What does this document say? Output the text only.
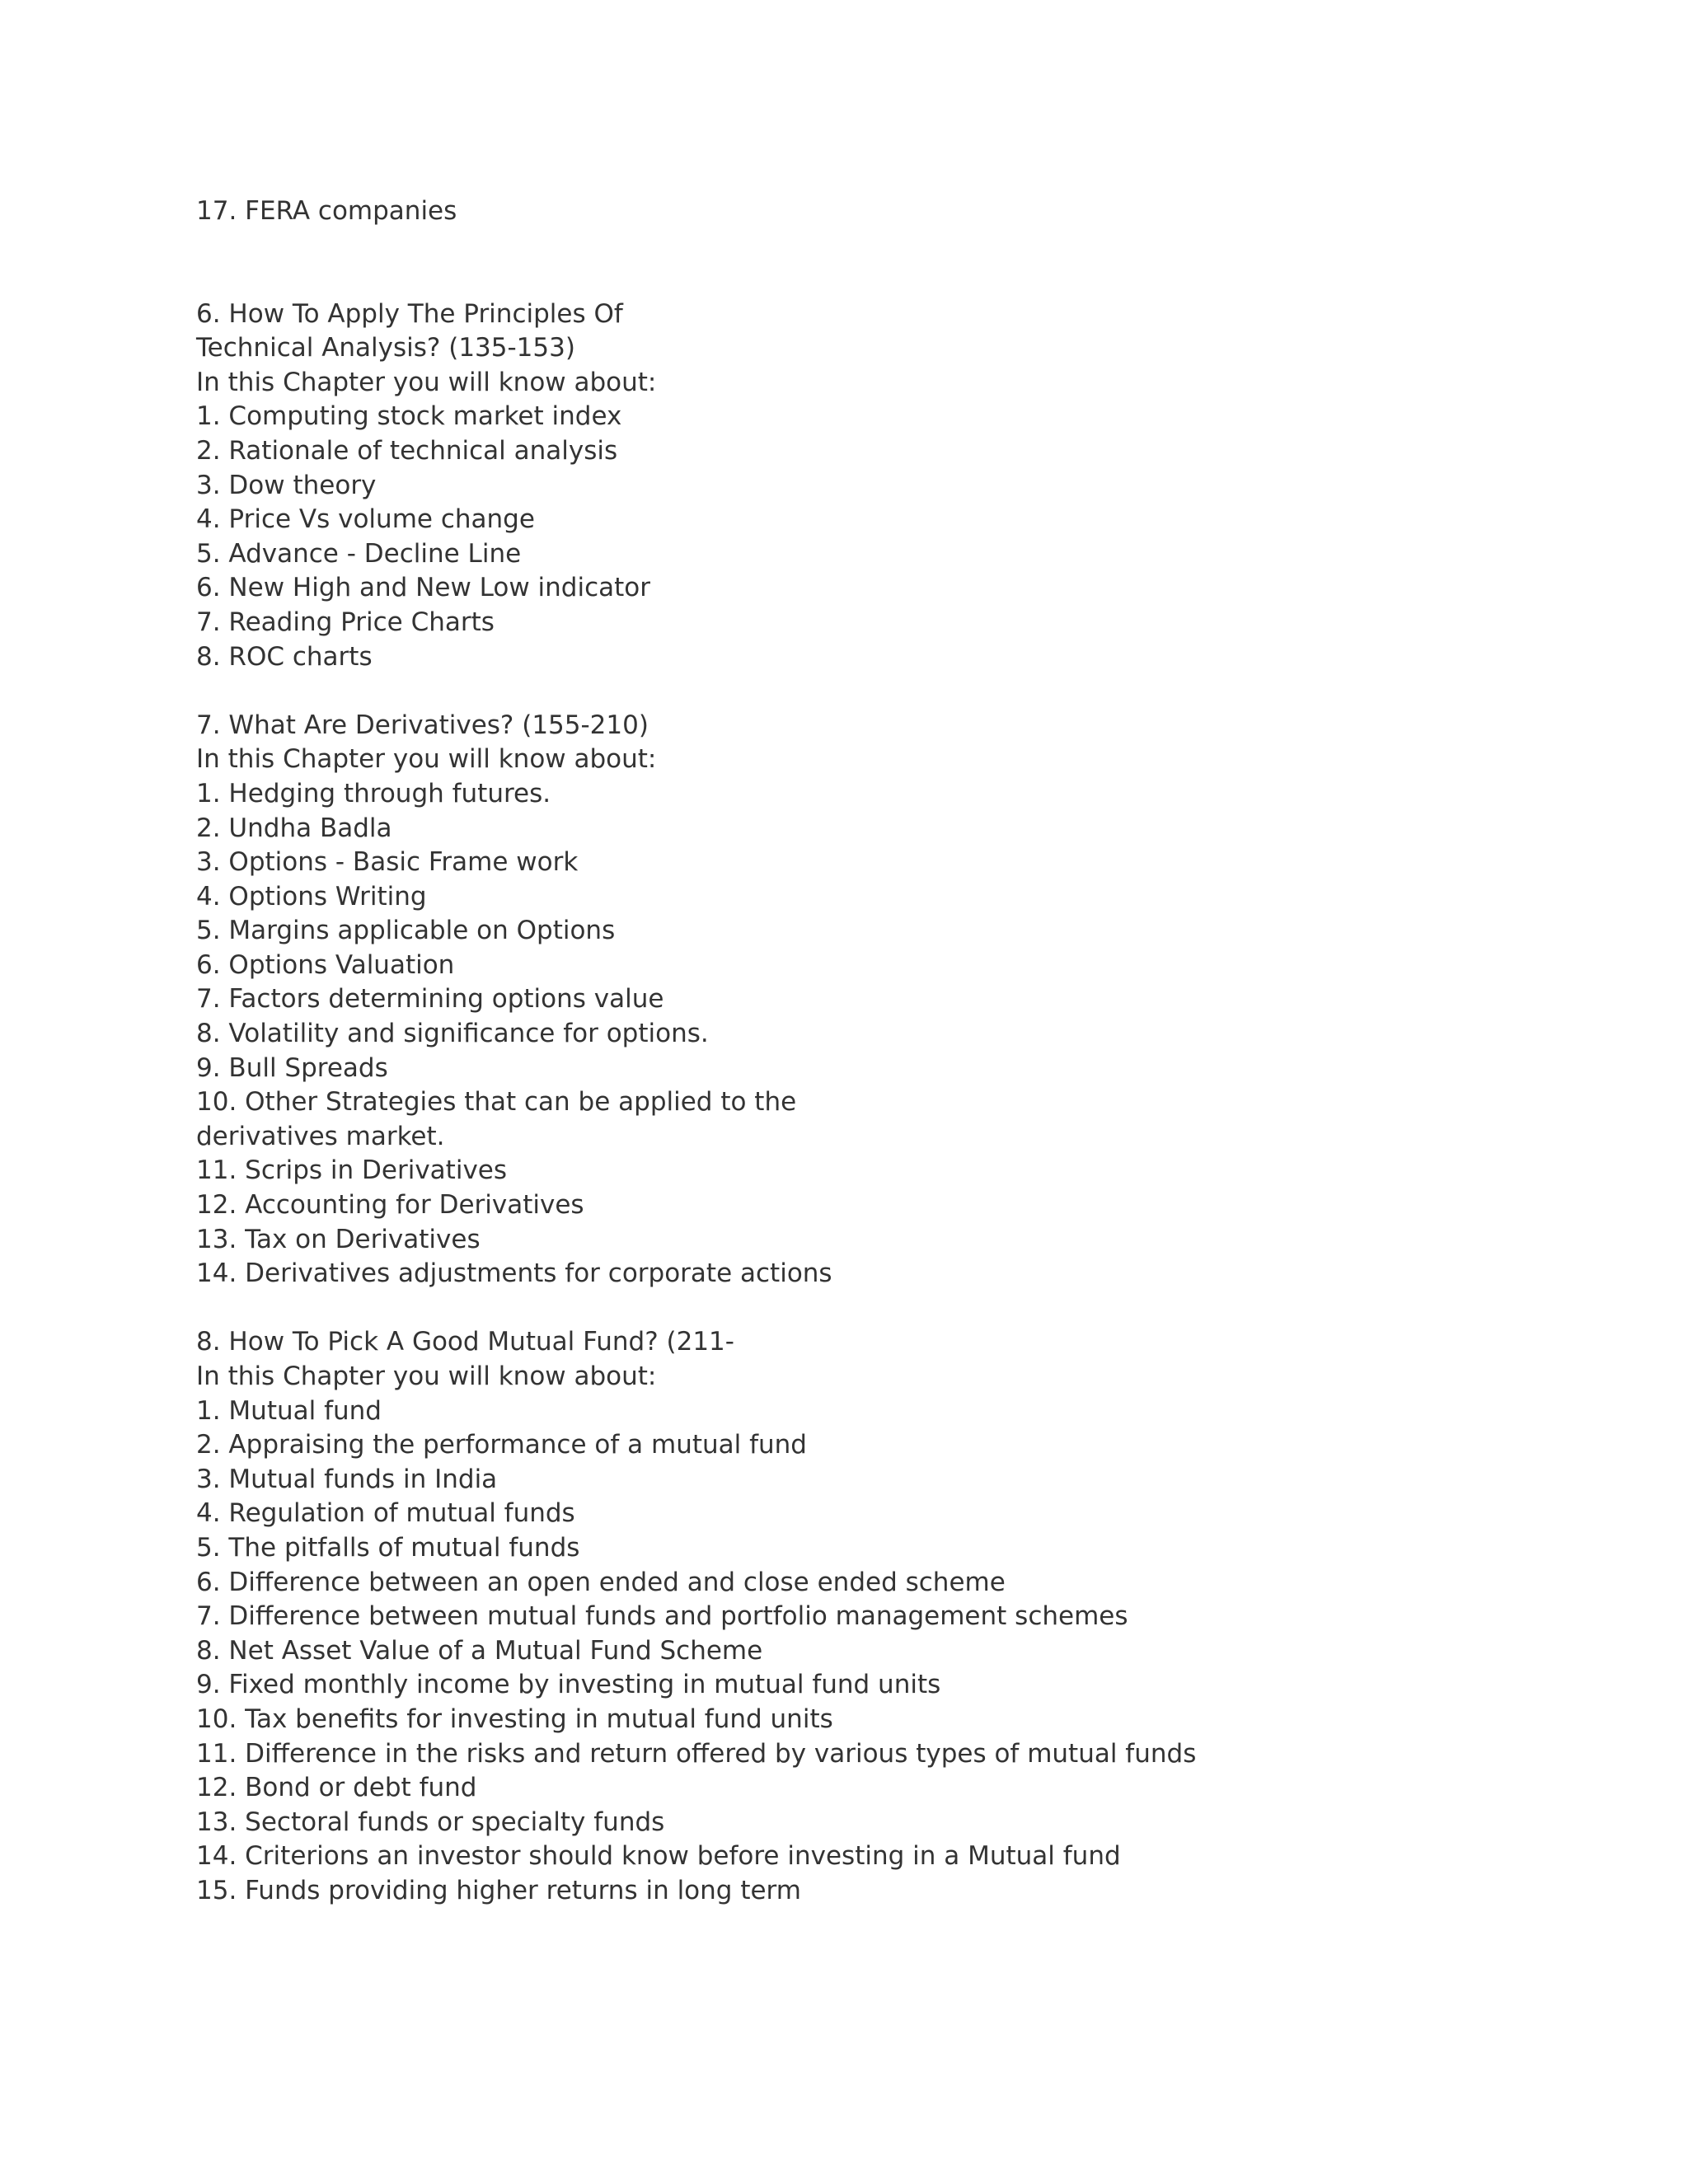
17. FERA companies
6. How To Apply The Principles Of
Technical Analysis? (135-153)
In this Chapter you will know about:
1. Computing stock market index
2. Rationale of technical analysis
3. Dow theory
4. Price Vs volume change
5. Advance - Decline Line
6. New High and New Low indicator
7. Reading Price Charts
8. ROC charts
7. What Are Derivatives? (155-210)
In this Chapter you will know about:
1. Hedging through futures.
2. Undha Badla
3. Options - Basic Frame work
4. Options Writing
5. Margins applicable on Options
6. Options Valuation
7. Factors determining options value
8. Volatility and significance for options.
9. Bull Spreads
10. Other Strategies that can be applied to the
derivatives market.
11. Scrips in Derivatives
12. Accounting for Derivatives
13. Tax on Derivatives
14. Derivatives adjustments for corporate actions
8. How To Pick A Good Mutual Fund? (211-
In this Chapter you will know about:
1. Mutual fund
2. Appraising the performance of a mutual fund
3. Mutual funds in India
4. Regulation of mutual funds
5. The pitfalls of mutual funds
6. Difference between an open ended and close ended scheme
7. Difference between mutual funds and portfolio management schemes
8. Net Asset Value of a Mutual Fund Scheme
9. Fixed monthly income by investing in mutual fund units
10. Tax benefits for investing in mutual fund units
11. Difference in the risks and return offered by various types of mutual funds
12. Bond or debt fund
13. Sectoral funds or specialty funds
14. Criterions an investor should know before investing in a Mutual fund
15. Funds providing higher returns in long term
